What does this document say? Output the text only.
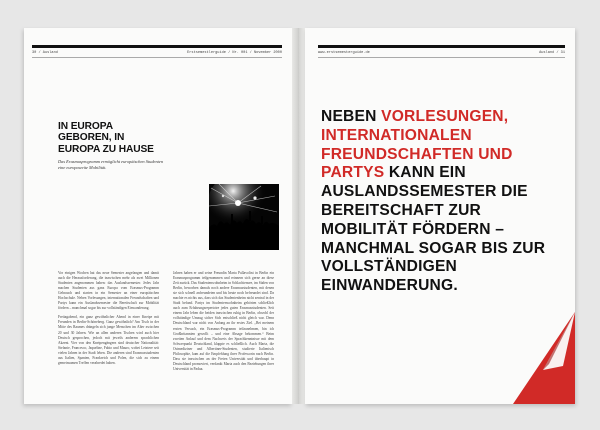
30 / Ausland	Erstsemestlerguide / Nr. 001 / November 2000
IN EUROPA GEBOREN, IN EUROPA ZU HAUSE
Das Erasmusprogramm ermöglicht europäischen Studenten eine europaweite Mobilität.

Vor einigen Wochen hat das neue Semester angefangen und damit auch die Herausforderung, die inzwischen mehr als zwei Millionen Studenten angenommen haben: das Auslandssemester. Jedes Jahr machen Studenten aus ganz Europa vom Erasmus-Programm Gebrauch und starten in ein Semester an einer europäischen Hochschule. Neben Vorlesungen, internationalen Freundschaften und Partys kann ein Auslandssemester die Bereitschaft zur Mobilität fördern – manchmal sogar bis zur vollständigen Einwanderung.

Freitagabend, ein ganz gewöhnlicher Abend in einer Kneipe mit Freunden in Berlin-Schöneberg. Ganz gewöhnlich? Am Tisch in der Mitte des Raumes drängeln sich junge Menschen im Alter zwischen 20 und 30 Jahren. Wie an allen anderen Tischen wird auch hier Deutsch gesprochen, jedoch mit jeweils anderem sprachlichen Akzent. Vier von den Kneipengängern sind deutscher Nationalität: Stefanie, Francesco, Jaqueline, Fabio und Mauro, wobei Letztere seit vielen Jahren in der Stadt leben. Die anderen sind Erasmusstudenten aus Italien, Spanien, Frankreich und Polen, die sich zu einem gemeinsamen Treffen verabredet haben.

Jahren haben er und seine Freundin Marta Pallavolini in Berlin ein Erasmusprogramm teilgenommen und erinnern sich gerne an diese Zeit zurück. Das Studentenwohnheim in Schlachtensee, im Süden von Berlin, beworben damals noch andere Erasmusstudenten, mit denen sie sich schnell anfreundeten und bis heute noch befreundet sind. Da machte es nichts aus, dass sich das Studentenheim nicht zentral in der Stadt befand. Partys im Studentenwohnheim gehörten schließlich auch zum Erfahrungsrepertoire jedes guten Erasmusstudenten. Seit einem Jahr leben die beiden inzwischen ruhig in Berlin, obwohl der vollständige Umzug sicher Sich entschließ nicht gleich war. Denn Deutschland war nicht von Anfang an ihr erstes Ziel. „Bei meinem ersten Versuch, ein Erasmus-Programm teilzunehmen, bin ich Großbritannien gewollt – und eine Absage bekommen.“ Beim zweiten Anlauf und dem Nachweis der Sprachkenntnisse mit dem Schwerpunkt Deutschland, klappte es schließlich. Auch Marta, die Ostmediziner und Albertiner-Studenten, studierte Italienisch Philosophie, kam auf die Empfehlung ihrer Professorin nach Berlin. Dass sie inzwischen an der Freien Universität und überhaupt in Deutschland promoviert, verdankt Marta auch den Beziehungen ihrer Universität in Padua.

www.erstsemesterguide.de	Ausland / 31
NEBEN VORLESUNGEN, INTERNATIONALEN FREUNDSCHAFTEN UND PARTYS KANN EIN AUSLANDSSEMESTER DIE BEREITSCHAFT ZUR MOBILITÄT FÖRDERN – MANCHMAL SOGAR BIS ZUR VOLLSTÄNDIGEN EINWANDERUNG.
